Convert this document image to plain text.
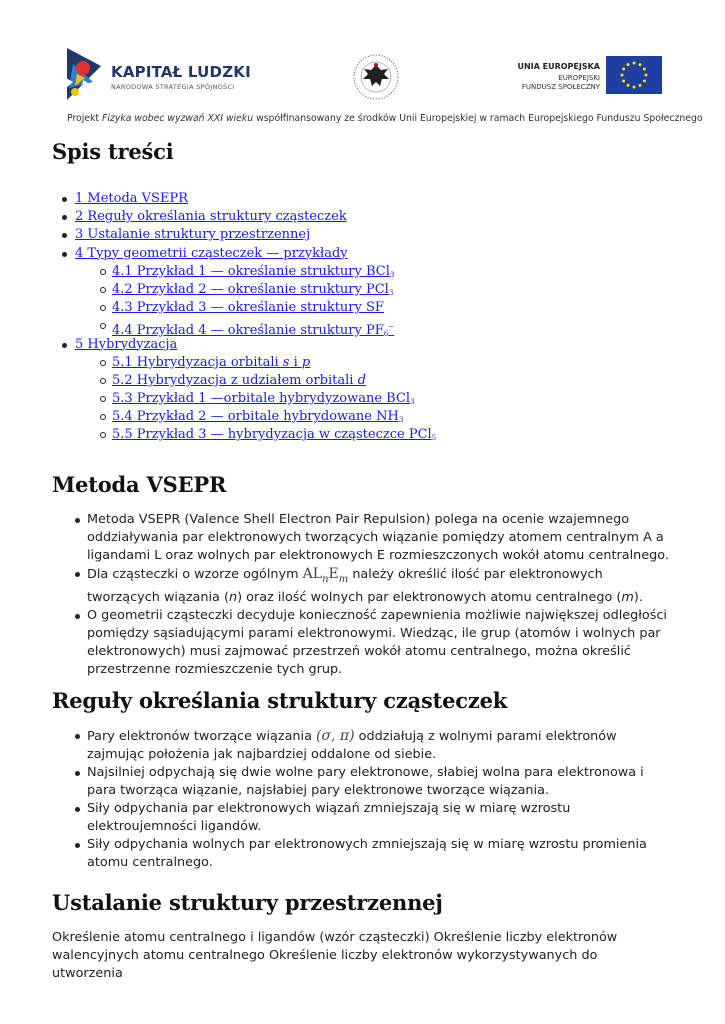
KAPITAŁ LUDZKI
NARODOWA STRATEGIA SPÓJNOŚCI
UNIA EUROPEJSKA
EUROPEJSKI
FUNDUSZ SPOŁECZNY
Projekt Fizyka wobec wyzwań XXI wieku współfinansowany ze środków Unii Europejskiej w ramach Europejskiego Funduszu Społecznego
Spis treści
1 Metoda VSEPR
2 Reguły określania struktury cząsteczek
3 Ustalanie struktury przestrzennej
4 Typy geometrii cząsteczek — przykłady
4.1 Przykład 1 — określanie struktury BCl$_3$
4.2 Przykład 2 — określanie struktury PCl$_3$
4.3 Przykład 3 — określanie struktury SF
4.4 Przykład 4 — określanie struktury $PF_6^-$
5 Hybrydyzacja
5.1 Hybrydyzacja orbitali s i p
5.2 Hybrydyzacja z udziałem orbitali d
5.3 Przykład 1 —orbitale hybrydyzowane BCl$_3$
5.4 Przykład 2 — orbitale hybrydowane $NH_3$
5.5 Przykład 3 — hybrydyzacja w cząsteczce PCl$_5$
Metoda VSEPR
Metoda VSEPR (Valence Shell Electron Pair Repulsion) polega na ocenie wzajemnego oddziaływania par elektronowych tworzących wiązanie pomiędzy atomem centralnym A a ligandami L oraz wolnych par elektronowych E rozmieszczonych wokół atomu centralnego.
Dla cząsteczki o wzorze ogólnym $AL_nE_m$ należy określić ilość par elektronowych tworzących wiązania (n) oraz ilość wolnych par elektronowych atomu centralnego (m).
O geometrii cząsteczki decyduje konieczność zapewnienia możliwie największej odległości pomiędzy sąsiadującymi parami elektronowymi. Wiedząc, ile grup (atomów i wolnych par elektronowych) musi zajmować przestrzeń wokół atomu centralnego, można określić przestrzenne rozmieszczenie tych grup.
Reguły określania struktury cząsteczek
Pary elektronów tworzące wiązania (σ, π) oddziałują z wolnymi parami elektronów zajmując położenia jak najbardziej oddalone od siebie.
Najsilniej odpychają się dwie wolne pary elektronowe, słabiej wolna para elektronowa i para tworząca wiązanie, najsłabiej pary elektronowe tworzące wiązania.
Siły odpychania par elektronowych wiązań zmniejszają się w miarę wzrostu elektroujemności ligandów.
Siły odpychania wolnych par elektronowych zmniejszają się w miarę wzrostu promienia atomu centralnego.
Ustalanie struktury przestrzennej
Określenie atomu centralnego i ligandów (wzór cząsteczki) Określenie liczby elektronów walencyjnych atomu centralnego Określenie liczby elektronów wykorzystywanych do utworzenia
